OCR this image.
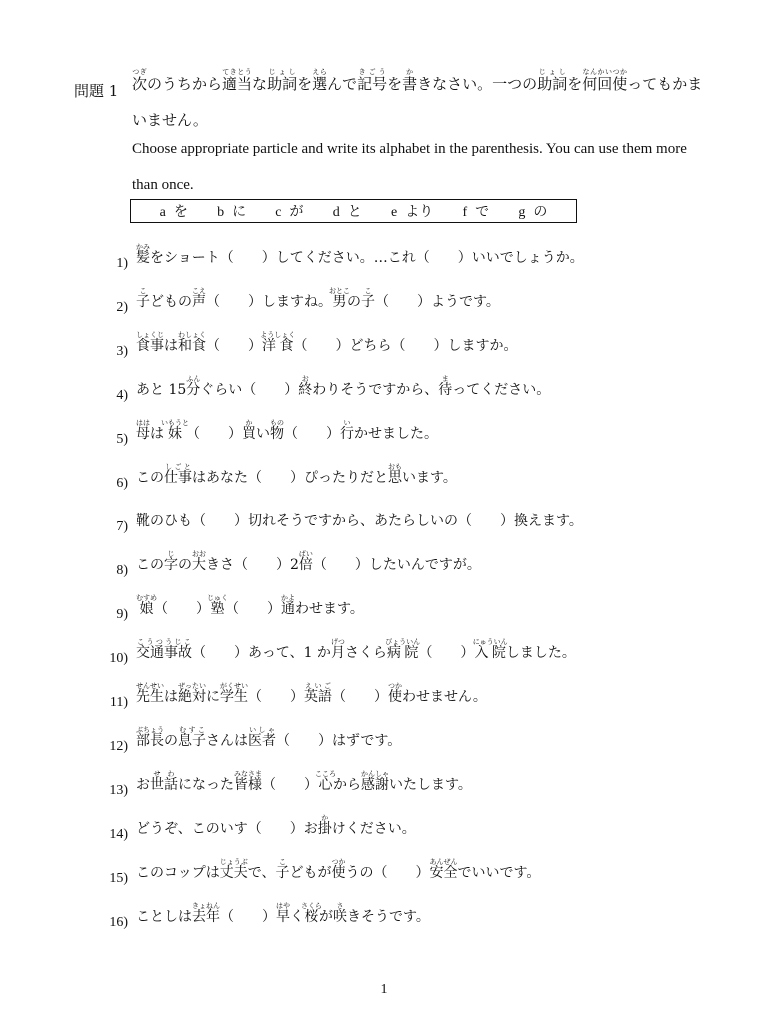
問題 1 次つぎのうちから適当てきとうな助詞じょしを選えらんで記号きごうを書かきなさい。一つの助詞じょしを何回なんかい使つかってもかまいません。
Choose appropriate particle and write its alphabet in the parenthesis. You can use them more than once.
a を b に c が d と e より f で g の
1) 髪かみをショート（　　）してください。…これ（　　）いいでしょうか。
2) 子こどもの声こえ（　　）しますね。男おとこの子こ（　　）ようです。
3) 食事しょくじは和食わしょく（　　）洋食ようしょく（　　）どちら（　　）しますか。
4) あと 15分ふんぐらい（　　）終おわりそうですから、待まってください。
5) 母ははは妹いもうと（　　）買かい物もの（　　）行いかせました。
6) この仕事しごとはあなた（　　）ぴったりだと思おもいます。
7) 靴のひも（　　）切れそうですから、あたらしいの（　　）換えます。
8) この字じの大おおきさ（　　）2倍ばい（　　）したいんですが。
9) 娘むすめ（　　）塾じゅく（　　）通かよわせます。
10) 交通事故こうつうじこ（　　）あって、1 か月げつさくら病院びょういん（　　）入院にゅういんしました。
11) 先生せんせいは絶対ぜったいに学生がくせい（　　）英語えいご（　　）使つかわせません。
12) 部長ぶちょうの息子むすこさんは医者いしゃ（　　）はずです。
13) お世話せわになった皆様みなさま（　　）心こころから感謝かんしゃいたします。
14) どうぞ、このいす（　　）お掛かけください。
15) このコップは丈夫じょうぶで、子こどもが使つかうの（　　）安全あんぜんでいいです。
16) ことしは去年きょねん（　　）早はやく桜さくらが咲さきそうです。
1
